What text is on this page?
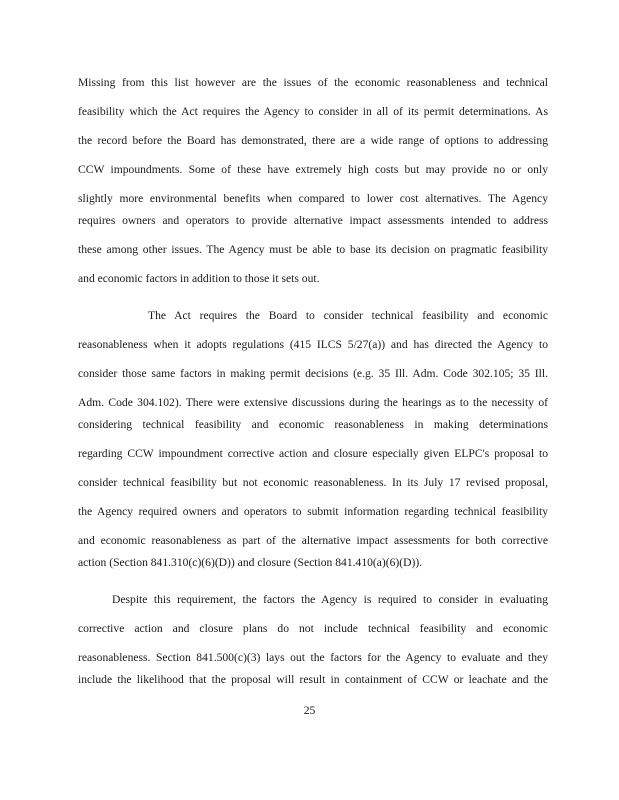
Missing from this list however are the issues of the economic reasonableness and technical
feasibility which the Act requires the Agency to consider in all of its permit determinations. As
the record before the Board has demonstrated, there are a wide range of options to addressing
CCW impoundments. Some of these have extremely high costs but may provide no or only
slightly more environmental benefits when compared to lower cost alternatives. The Agency
requires owners and operators to provide alternative impact assessments intended to address
these among other issues. The Agency must be able to base its decision on pragmatic feasibility
and economic factors in addition to those it sets out.
The Act requires the Board to consider technical feasibility and economic
reasonableness when it adopts regulations (415 ILCS 5/27(a)) and has directed the Agency to
consider those same factors in making permit decisions (e.g. 35 Ill. Adm. Code 302.105; 35 Ill.
Adm. Code 304.102). There were extensive discussions during the hearings as to the necessity of
considering technical feasibility and economic reasonableness in making determinations
regarding CCW impoundment corrective action and closure especially given ELPC's proposal to
consider technical feasibility but not economic reasonableness. In its July 17 revised proposal,
the Agency required owners and operators to submit information regarding technical feasibility
and economic reasonableness as part of the alternative impact assessments for both corrective
action (Section 841.310(c)(6)(D)) and closure (Section 841.410(a)(6)(D)).
Despite this requirement, the factors the Agency is required to consider in evaluating
corrective action and closure plans do not include technical feasibility and economic
reasonableness. Section 841.500(c)(3) lays out the factors for the Agency to evaluate and they
include the likelihood that the proposal will result in containment of CCW or leachate and the
25
